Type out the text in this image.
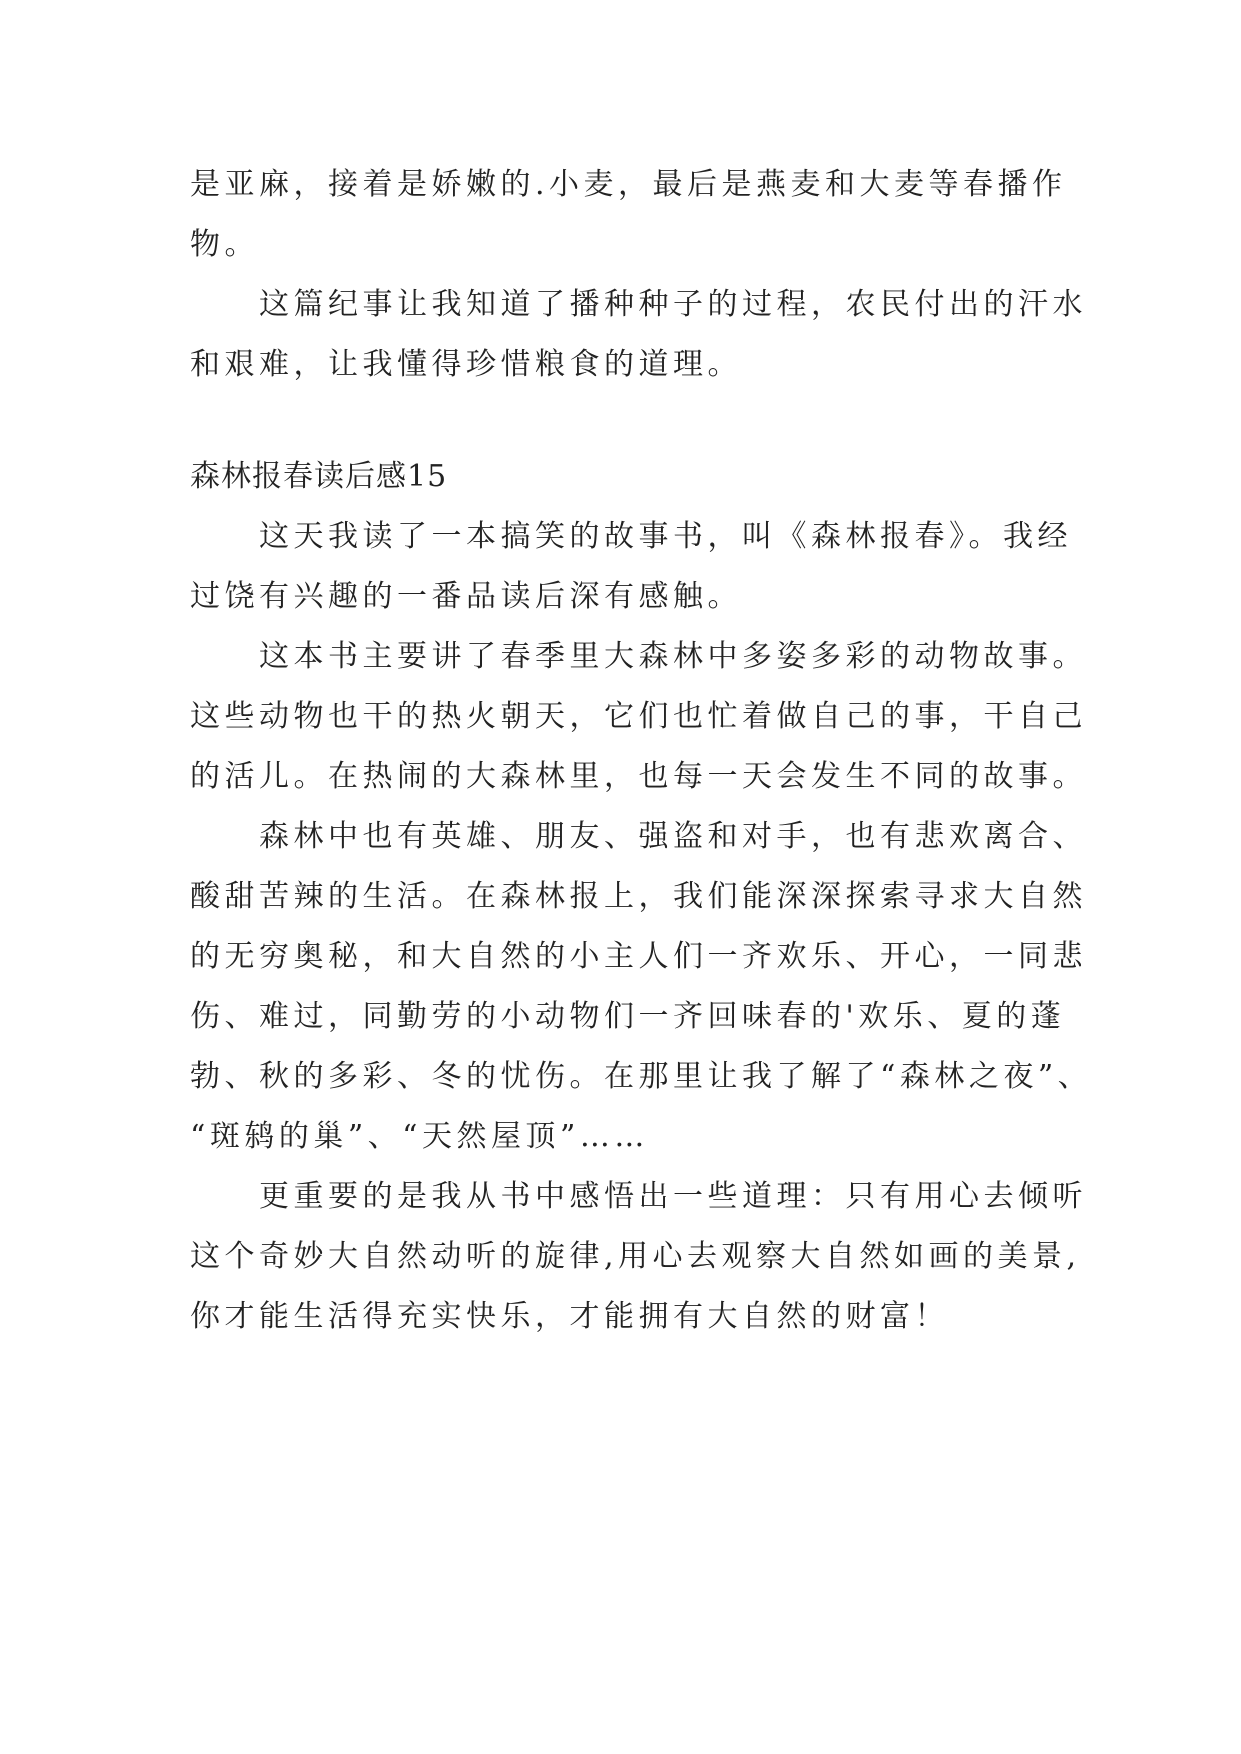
是亚麻，接着是娇嫩的.小麦，最后是燕麦和大麦等春播作
物。
　　这篇纪事让我知道了播种种子的过程，农民付出的汗水
和艰难，让我懂得珍惜粮食的道理。
森林报春读后感15
　　这天我读了一本搞笑的故事书，叫《森林报春》。我经
过饶有兴趣的一番品读后深有感触。
　　这本书主要讲了春季里大森林中多姿多彩的动物故事。
这些动物也干的热火朝天，它们也忙着做自己的事，干自己
的活儿。在热闹的大森林里，也每一天会发生不同的故事。
　　森林中也有英雄、朋友、强盗和对手，也有悲欢离合、
酸甜苦辣的生活。在森林报上，我们能深深探索寻求大自然
的无穷奥秘，和大自然的小主人们一齐欢乐、开心，一同悲
伤、难过，同勤劳的小动物们一齐回味春的'欢乐、夏的蓬
勃、秋的多彩、冬的忧伤。在那里让我了解了“森林之夜”、
“斑鸫的巢”、“天然屋顶”……
　　更重要的是我从书中感悟出一些道理：只有用心去倾听
这个奇妙大自然动听的旋律,用心去观察大自然如画的美景,
你才能生活得充实快乐，才能拥有大自然的财富！
